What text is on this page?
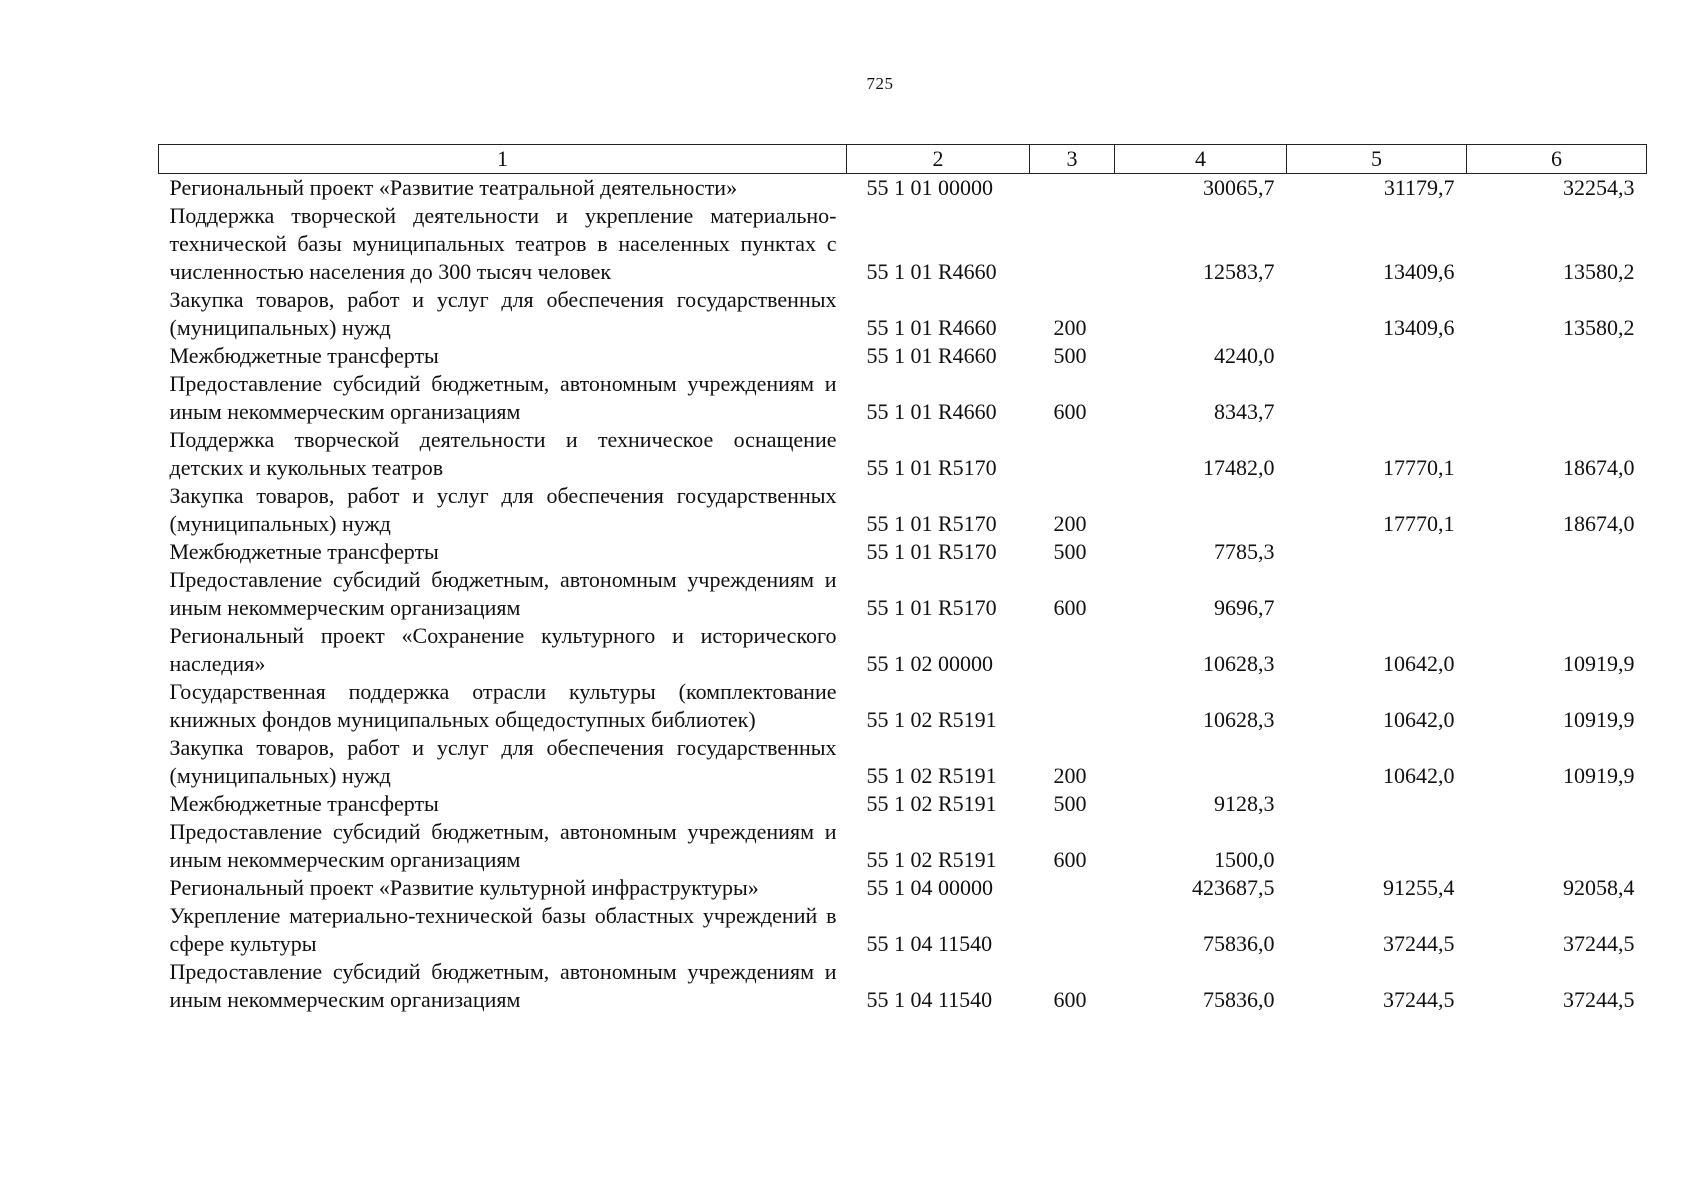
725
1	2	3	4	5	6
Региональный проект «Развитие театральной деятельности»	55 1 01 00000		30065,7	31179,7	32254,3
Поддержка творческой деятельности и укрепление материально-технической базы муниципальных театров в населенных пунктах с численностью населения до 300 тысяч человек	55 1 01 R4660		12583,7	13409,6	13580,2
Закупка товаров, работ и услуг для обеспечения государственных (муниципальных) нужд	55 1 01 R4660	200		13409,6	13580,2
Межбюджетные трансферты	55 1 01 R4660	500	4240,0		
Предоставление субсидий бюджетным, автономным учреждениям и иным некоммерческим организациям	55 1 01 R4660	600	8343,7		
Поддержка творческой деятельности и техническое оснащение детских и кукольных театров	55 1 01 R5170		17482,0	17770,1	18674,0
Закупка товаров, работ и услуг для обеспечения государственных (муниципальных) нужд	55 1 01 R5170	200		17770,1	18674,0
Межбюджетные трансферты	55 1 01 R5170	500	7785,3		
Предоставление субсидий бюджетным, автономным учреждениям и иным некоммерческим организациям	55 1 01 R5170	600	9696,7		
Региональный проект «Сохранение культурного и исторического наследия»	55 1 02 00000		10628,3	10642,0	10919,9
Государственная поддержка отрасли культуры (комплектование книжных фондов муниципальных общедоступных библиотек)	55 1 02 R5191		10628,3	10642,0	10919,9
Закупка товаров, работ и услуг для обеспечения государственных (муниципальных) нужд	55 1 02 R5191	200		10642,0	10919,9
Межбюджетные трансферты	55 1 02 R5191	500	9128,3		
Предоставление субсидий бюджетным, автономным учреждениям и иным некоммерческим организациям	55 1 02 R5191	600	1500,0		
Региональный проект «Развитие культурной инфраструктуры»	55 1 04 00000		423687,5	91255,4	92058,4
Укрепление материально-технической базы областных учреждений в сфере культуры	55 1 04 11540		75836,0	37244,5	37244,5
Предоставление субсидий бюджетным, автономным учреждениям и иным некоммерческим организациям	55 1 04 11540	600	75836,0	37244,5	37244,5
